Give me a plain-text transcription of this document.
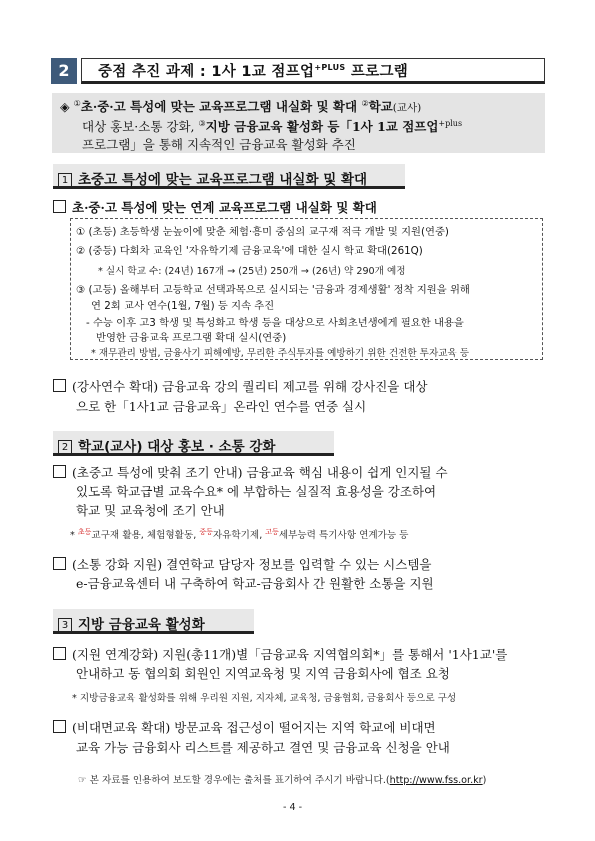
2	중점 추진 과제 : 1사 1교 점프업$^{+PLUS}$ 프로그램
◈ ①초·중·고 특성에 맞는 교육프로그램 내실화 및 확대 ②학교(교사)
대상 홍보·소통 강화, ③지방 금융교육 활성화 등「1사 1교 점프업$^{+plus}$
프로그램」을 통해 지속적인 금융교육 활성화 추진
1 초중고 특성에 맞는 교육프로그램 내실화 및 확대
초·중·고 특성에 맞는 연계 교육프로그램 내실화 및 확대
① (초등) 초등학생 눈높이에 맞춘 체험·흥미 중심의 교구재 적극 개발 및 지원(연중)
② (중등) 다회차 교육인 '자유학기제 금융교육'에 대한 실시 학교 확대(261Q)
* 실시 학교 수: (24년) 167개 → (25년) 250개 → (26년) 약 290개 예정
③ (고등) 올해부터 고등학교 선택과목으로 실시되는 '금융과 경제생활' 정착 지원을 위해
연 2회 교사 연수(1월, 7월) 등 지속 추진
- 수능 이후 고3 학생 및 특성화고 학생 등을 대상으로 사회초년생에게 필요한 내용을
반영한 금융교육 프로그램 확대 실시(연중)
* 재무관리 방법, 금융사기 피해예방, 무리한 주식투자를 예방하기 위한 건전한 투자교육 등
(강사연수 확대) 금융교육 강의 퀄리티 제고를 위해 강사진을 대상
으로 한「1사1교 금융교육」온라인 연수를 연중 실시
2 학교(교사) 대상 홍보 · 소통 강화
(초중고 특성에 맞춰 조기 안내) 금융교육 핵심 내용이 쉽게 인지될 수
있도록 학교급별 교육수요* 에 부합하는 실질적 효용성을 강조하여
학교 및 교육청에 조기 안내
* $^{초등}$교구재 활용, 체험형활동, $^{중등}$자유학기제, $^{고등}$세부능력 특기사항 연계가능 등
(소통 강화 지원) 결연학교 담당자 정보를 입력할 수 있는 시스템을
e-금융교육센터 내 구축하여 학교-금융회사 간 원활한 소통을 지원
3 지방 금융교육 활성화
(지원 연계강화) 지원(총11개)별「금융교육 지역협의회*」를 통해서 '1사1교'를
안내하고 동 협의회 회원인 지역교육청 및 지역 금융회사에 협조 요청
* 지방금융교육 활성화를 위해 우리원 지원, 지자체, 교육청, 금융협회, 금융회사 등으로 구성
(비대면교육 확대) 방문교육 접근성이 떨어지는 지역 학교에 비대면
교육 가능 금융회사 리스트를 제공하고 결연 및 금융교육 신청을 안내
☞ 본 자료를 인용하여 보도할 경우에는 출처를 표기하여 주시기 바랍니다.(http://www.fss.or.kr)
- 4 -
